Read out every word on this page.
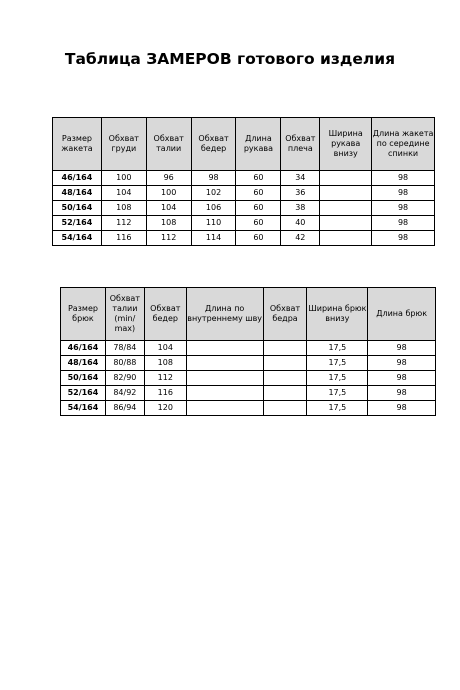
Таблица ЗАМЕРОВ готового изделия
Размер жакета	Обхват груди	Обхват талии	Обхват бедер	Длина рукава	Обхват плеча	Ширина рукава внизу	Длина жакета по середине спинки
46/164	100	96	98	60	34		98
48/164	104	100	102	60	36		98
50/164	108	104	106	60	38		98
52/164	112	108	110	60	40		98
54/164	116	112	114	60	42		98
Размер брюк	Обхват талии (min/ max)	Обхват бедер	Длина по внутреннему шву	Обхват бедра	Ширина брюк внизу	Длина брюк
46/164	78/84	104			17,5	98
48/164	80/88	108			17,5	98
50/164	82/90	112			17,5	98
52/164	84/92	116			17,5	98
54/164	86/94	120			17,5	98
